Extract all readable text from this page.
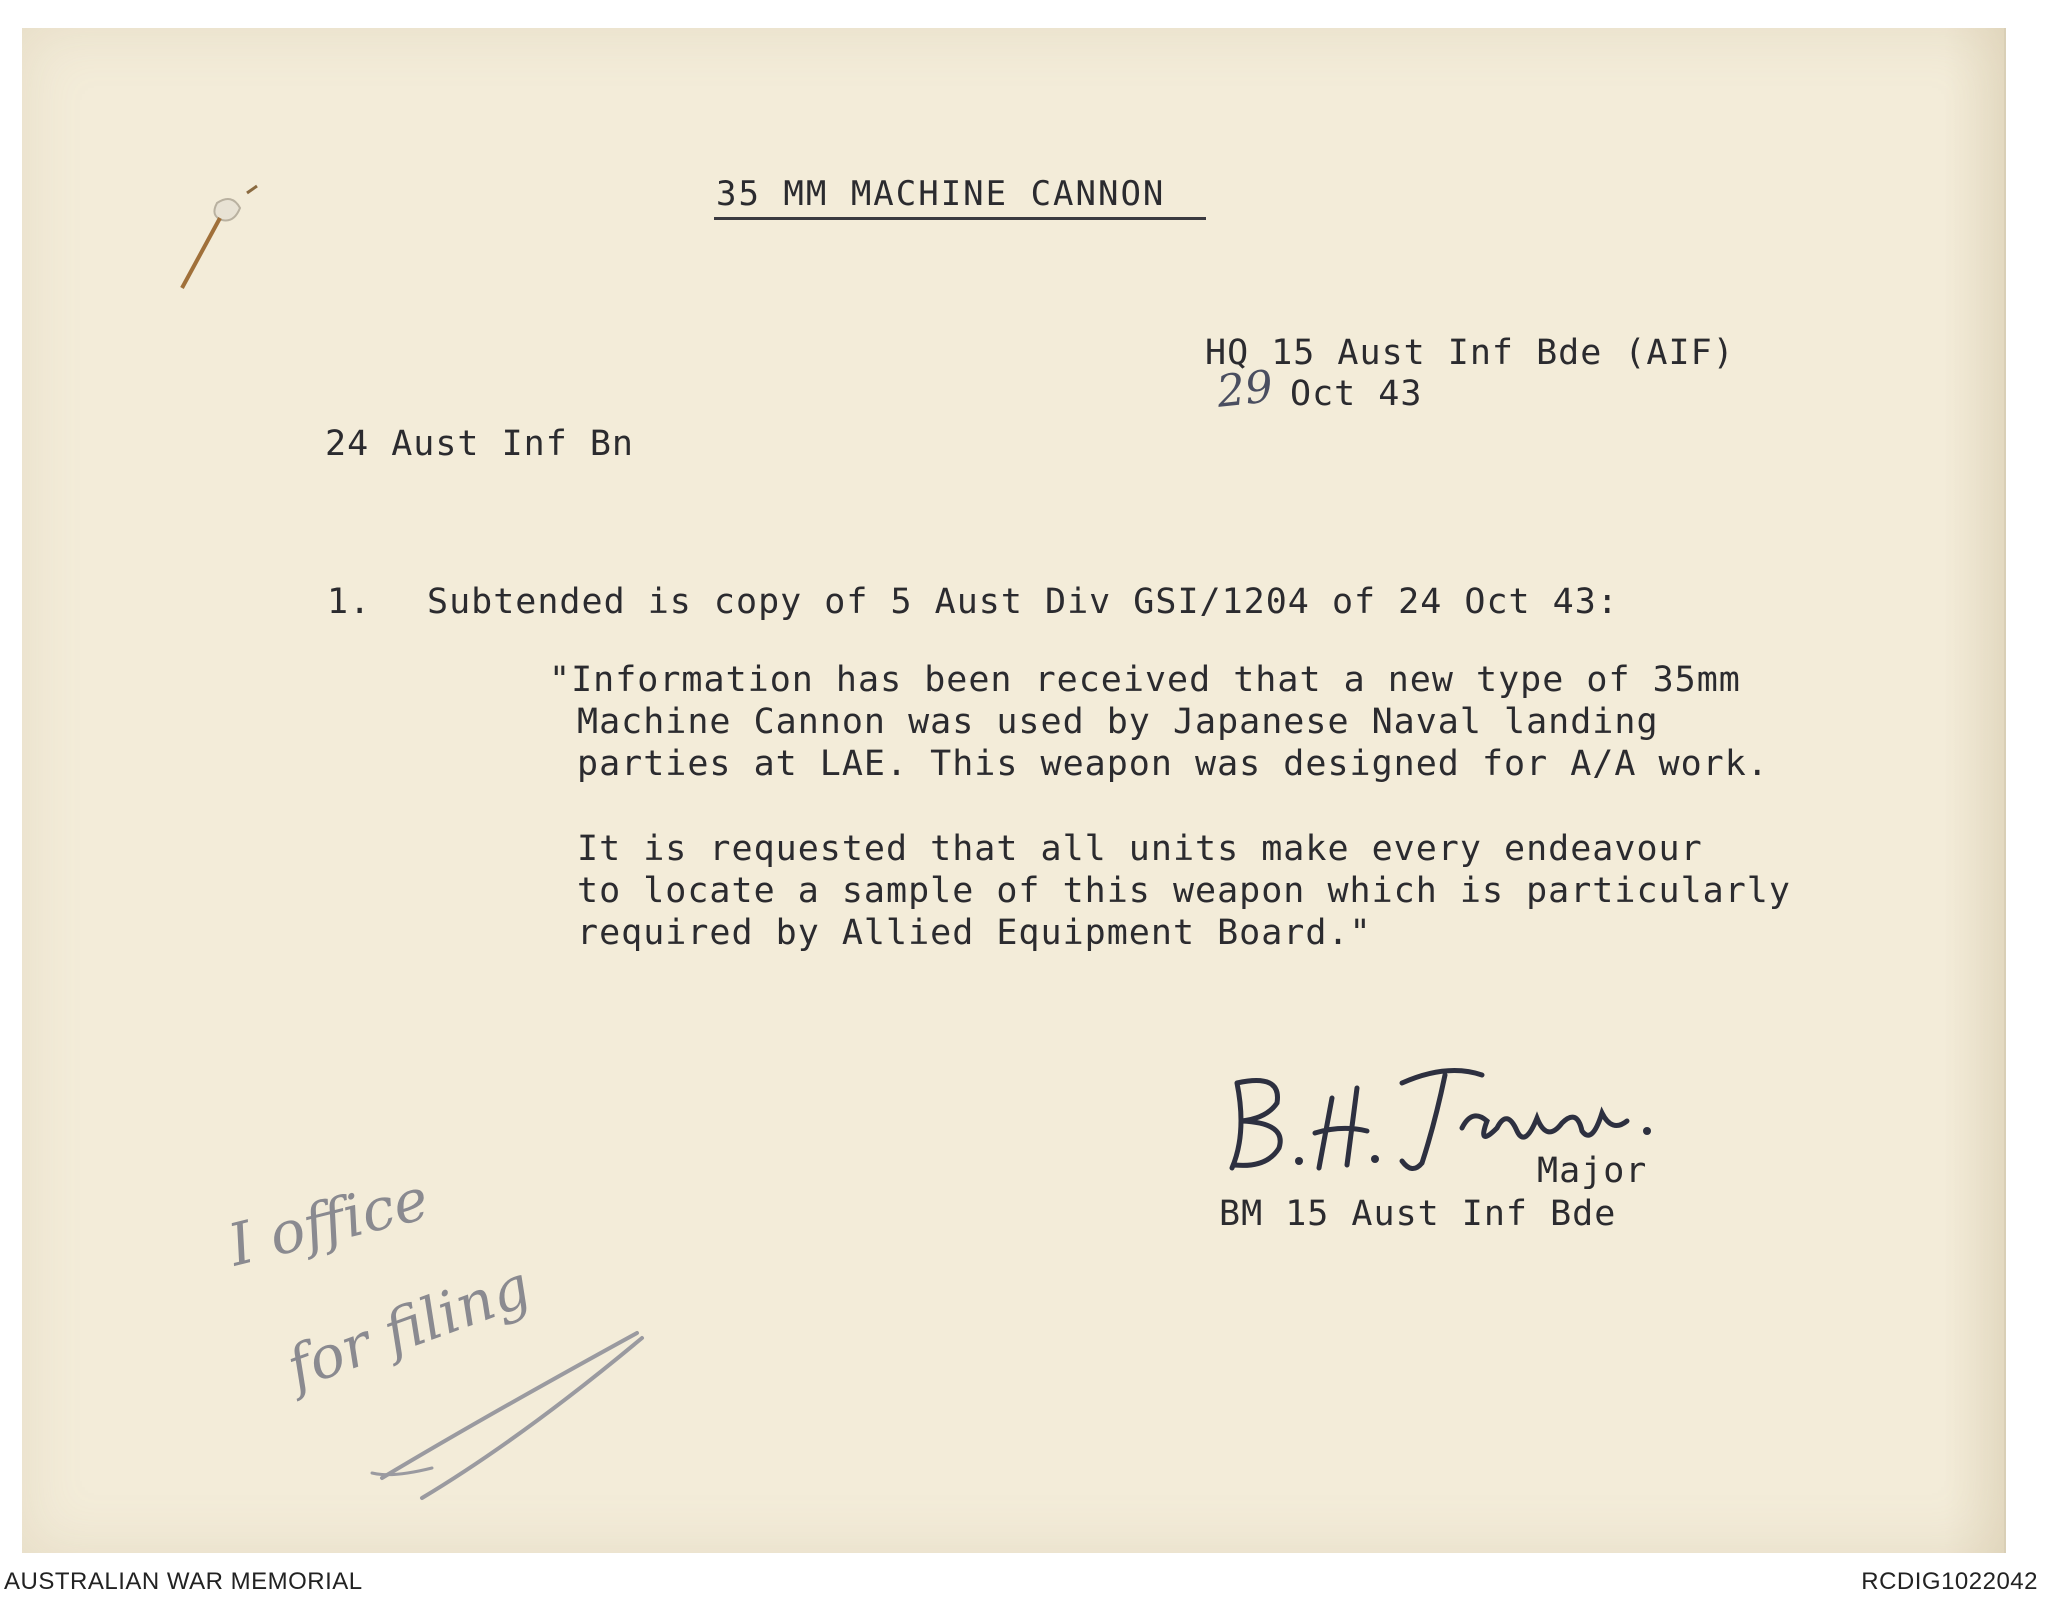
35 MM MACHINE CANNON
HQ 15 Aust Inf Bde (AIF)
29 Oct 43
24 Aust Inf Bn
1. Subtended is copy of 5 Aust Div GSI/1204 of 24 Oct 43:
"Information has been received that a new type of 35mm
Machine Cannon was used by Japanese Naval landing
parties at LAE. This weapon was designed for A/A work.
It is requested that all units make every endeavour
to locate a sample of this weapon which is particularly
required by Allied Equipment Board."
Major
BM 15 Aust Inf Bde
I office
for filing
AUSTRALIAN WAR MEMORIAL	RCDIG1022042
